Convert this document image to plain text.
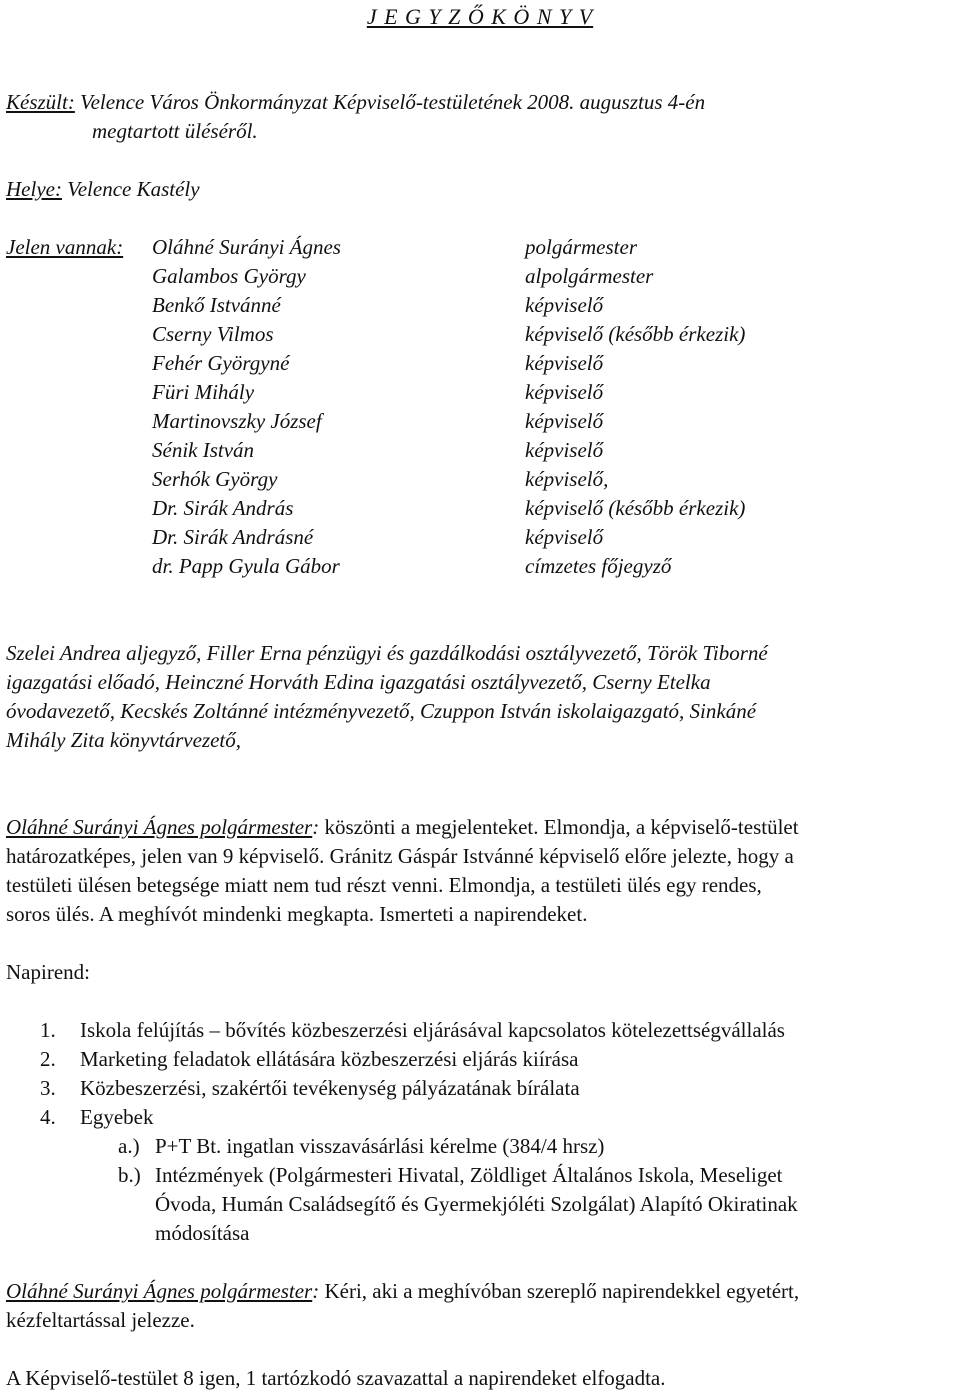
J E G Y Z Ő K Ö N Y V
Készült: Velence Város Önkormányzat Képviselő-testületének 2008. augusztus 4-én
megtartott üléséről.
Helye: Velence Kastély
Jelen vannak: Oláhné Surányi Ágnes	polgármester
Galambos György	alpolgármester
Benkő Istvánné	képviselő
Cserny Vilmos	képviselő (később érkezik)
Fehér Györgyné	képviselő
Füri Mihály	képviselő
Martinovszky József	képviselő
Sénik István	képviselő
Serhók György	képviselő,
Dr. Sirák András	képviselő (később érkezik)
Dr. Sirák Andrásné	képviselő
dr. Papp Gyula Gábor	címzetes főjegyző
Szelei Andrea aljegyző, Filler Erna pénzügyi és gazdálkodási osztályvezető, Török Tiborné
igazgatási előadó, Heinczné Horváth Edina igazgatási osztályvezető, Cserny Etelka
óvodavezető, Kecskés Zoltánné intézményvezető, Czuppon István iskolaigazgató, Sinkáné
Mihály Zita könyvtárvezető,
Oláhné Surányi Ágnes polgármester: köszönti a megjelenteket. Elmondja, a képviselő-testület
határozatképes, jelen van 9 képviselő. Gránitz Gáspár Istvánné képviselő előre jelezte, hogy a
testületi ülésen betegsége miatt nem tud részt venni. Elmondja, a testületi ülés egy rendes,
soros ülés. A meghívót mindenki megkapta. Ismerteti a napirendeket.
Napirend:
1. Iskola felújítás – bővítés közbeszerzési eljárásával kapcsolatos kötelezettségvállalás
2. Marketing feladatok ellátására közbeszerzési eljárás kiírása
3. Közbeszerzési, szakértői tevékenység pályázatának bírálata
4. Egyebek
a.) P+T Bt. ingatlan visszavásárlási kérelme (384/4 hrsz)
b.) Intézmények (Polgármesteri Hivatal, Zöldliget Általános Iskola, Meseliget
Óvoda, Humán Családsegítő és Gyermekjóléti Szolgálat) Alapító Okiratinak
módosítása
Oláhné Surányi Ágnes polgármester: Kéri, aki a meghívóban szereplő napirendekkel egyetért,
kézfeltartással jelezze.
A Képviselő-testület 8 igen, 1 tartózkodó szavazattal a napirendeket elfogadta.
